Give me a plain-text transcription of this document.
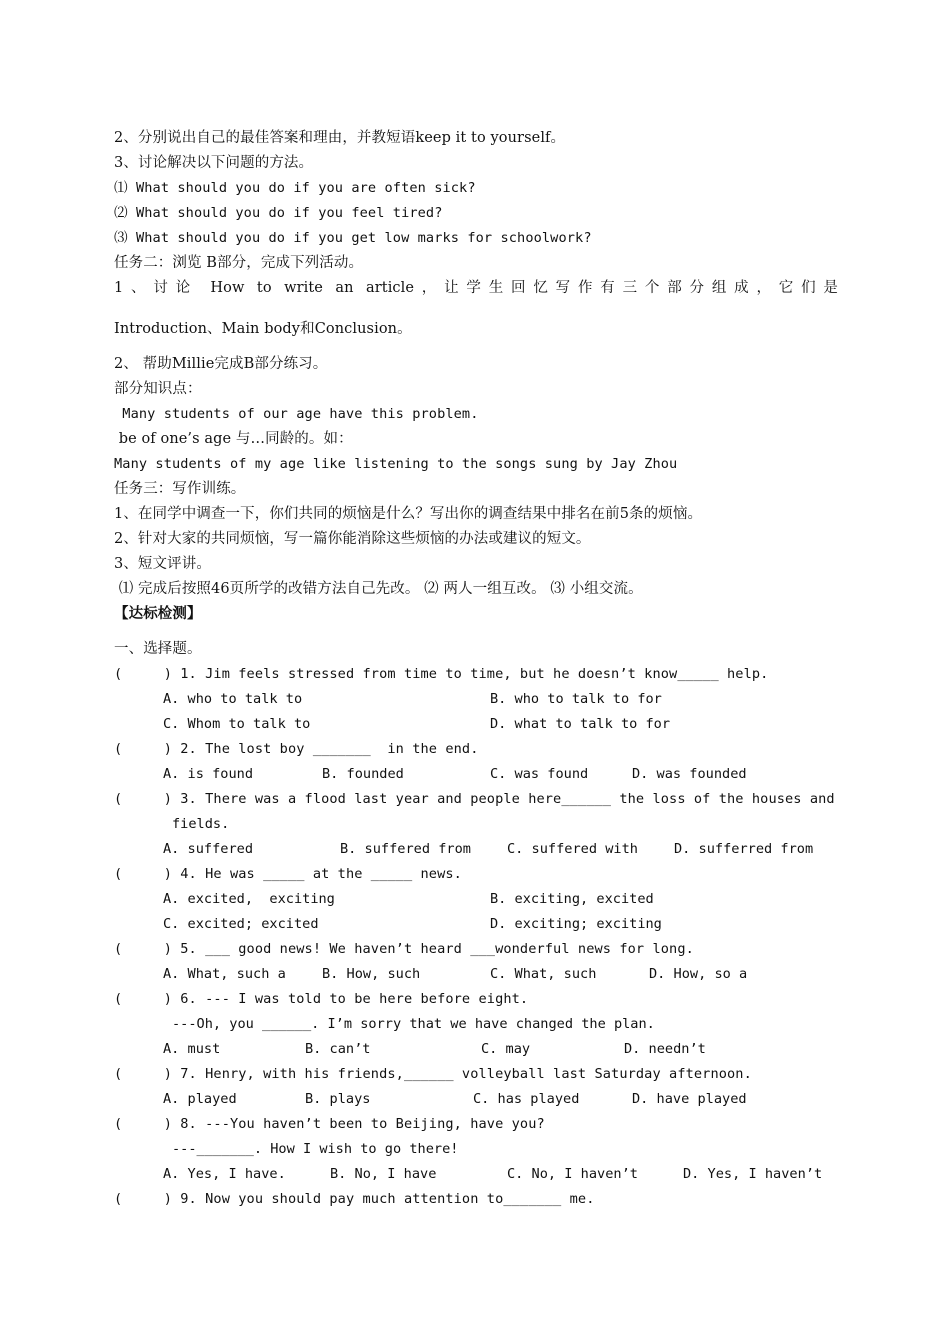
2、分别说出自己的最佳答案和理由，并教短语keep it to yourself。
3、讨论解决以下问题的方法。
⑴ What should you do if you are often sick?
⑵ What should you do if you feel tired?
⑶ What should you do if you get low marks for schoolwork?
任务二：浏览 B部分，完成下列活动。
1、讨论 How to write an article，让学生回忆写作有三个部分组成，它们是
Introduction、Main body和Conclusion。
2、 帮助Millie完成B部分练习。
部分知识点：
Many students of our age have this problem.
be of one’s age 与…同龄的。如：
Many students of my age like listening to the songs sung by Jay Zhou
任务三：写作训练。
1、在同学中调查一下，你们共同的烦恼是什么？写出你的调查结果中排名在前5条的烦恼。
2、针对大家的共同烦恼，写一篇你能消除这些烦恼的办法或建议的短文。
3、短文评讲。
⑴ 完成后按照46页所学的改错方法自己先改。 ⑵ 两人一组互改。 ⑶ 小组交流。
【达标检测】
一、选择题。
(     ) 1. Jim feels stressed from time to time, but he doesn’t know_____ help.
A. who to talk to	B. who to talk to for
C. Whom to talk to	D. what to talk to for
(     ) 2. The lost boy _______  in the end.
A. is found	B. founded	C. was found	D. was founded
(     ) 3. There was a flood last year and people here______ the loss of the houses and
fields.
A. suffered	B. suffered from	C. suffered with	D. sufferred from
(     ) 4. He was _____ at the _____ news.
A. excited,  exciting	B. exciting, excited
C. excited; excited	D. exciting; exciting
(     ) 5. ___ good news! We haven’t heard ___wonderful news for long.
A. What, such a	B. How, such	C. What, such	D. How, so a
(     ) 6. --- I was told to be here before eight.
---Oh, you ______. I’m sorry that we have changed the plan.
A. must	B. can’t	C. may	D. needn’t
(     ) 7. Henry, with his friends,______ volleyball last Saturday afternoon.
A. played	B. plays	C. has played	D. have played
(     ) 8. ---You haven’t been to Beijing, have you?
---_______. How I wish to go there!
A. Yes, I have.	B. No, I have	C. No, I haven’t	D. Yes, I haven’t
(     ) 9. Now you should pay much attention to_______ me.
